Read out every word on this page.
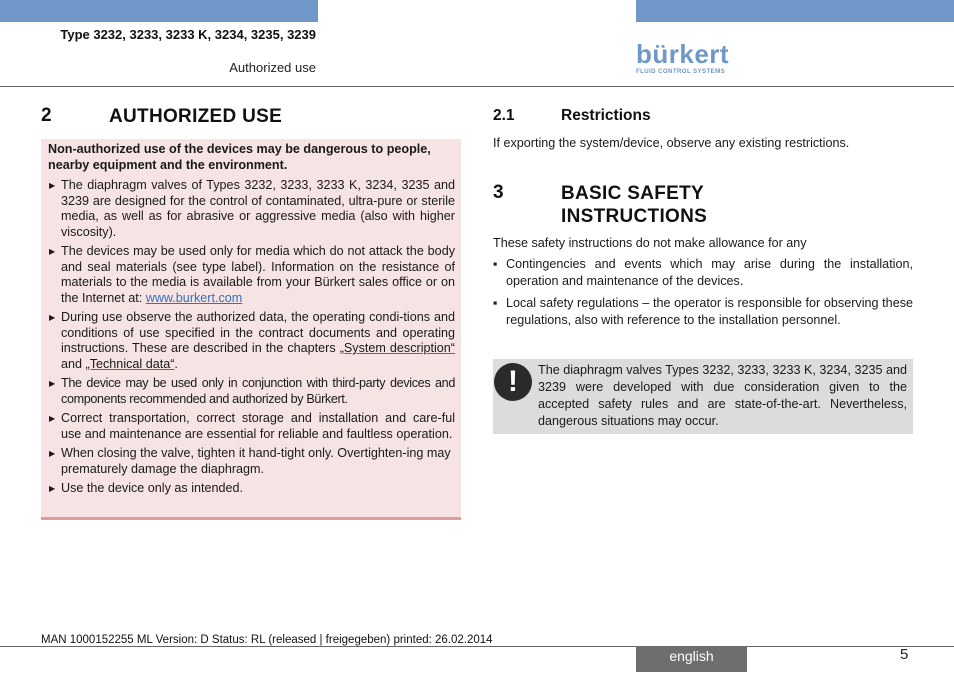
Type 3232, 3233, 3233 K, 3234, 3235, 3239
Authorized use	bürkert
FLUID CONTROL SYSTEMS
2	AUTHORIZED USE
Non-authorized use of the devices may be dangerous to people, nearby equipment and the environment.
▶ The diaphragm valves of Types 3232, 3233, 3233 K, 3234, 3235 and 3239 are designed for the control of contaminated, ultra-pure or sterile media, as well as for abrasive or aggressive media (also with higher viscosity).
▶ The devices may be used only for media which do not attack the body and seal materials (see type label). Information on the resistance of materials to the media is available from your Bürkert sales office or on the Internet at: www.burkert.com
▶ During use observe the authorized data, the operating condi-tions and conditions of use specified in the contract documents and operating instructions. These are described in the chapters „System description“ and „Technical data“.
▶ The device may be used only in conjunction with third-party devices and components recommended and authorized by Bürkert.
▶ Correct transportation, correct storage and installation and care-ful use and maintenance are essential for reliable and faultless operation.
▶ When closing the valve, tighten it hand-tight only. Overtighten-ing may prematurely damage the diaphragm.
▶ Use the device only as intended.
2.1	Restrictions
If exporting the system/device, observe any existing restrictions.
3	BASIC SAFETY
INSTRUCTIONS
These safety instructions do not make allowance for any
▪ Contingencies and events which may arise during the installation, operation and maintenance of the devices.
▪ Local safety regulations – the operator is responsible for observing these regulations, also with reference to the installation personnel.
!	The diaphragm valves Types 3232, 3233, 3233 K, 3234, 3235 and 3239 were developed with due consideration given to the accepted safety rules and are state-of-the-art. Nevertheless, dangerous situations may occur.
MAN 1000152255 ML Version: D Status: RL (released | freigegeben) printed: 26.02.2014
english	5
